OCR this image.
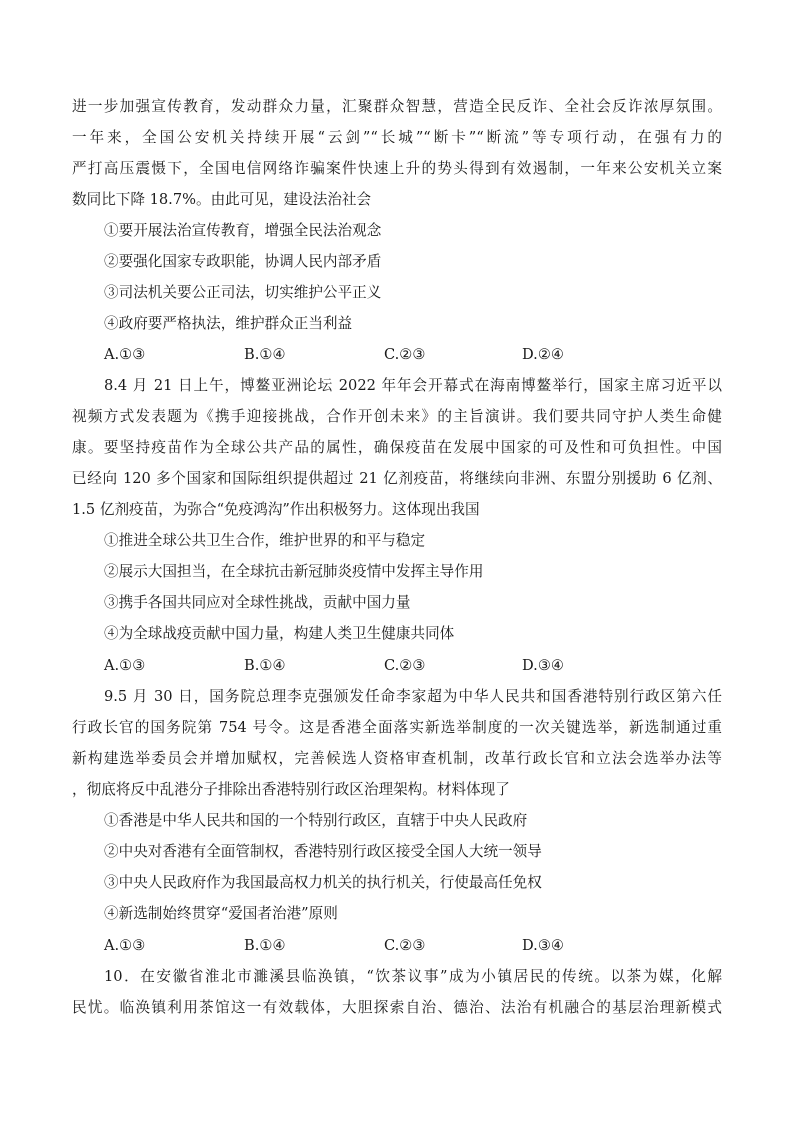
进一步加强宣传教育，发动群众力量，汇聚群众智慧，营造全民反诈、全社会反诈浓厚氛围。
一年来，全国公安机关持续开展“云剑”“长城”“断卡”“断流”等专项行动，在强有力的
严打高压震慑下，全国电信网络诈骗案件快速上升的势头得到有效遏制，一年来公安机关立案
数同比下降 18.7%。由此可见，建设法治社会
①要开展法治宣传教育，增强全民法治观念
②要强化国家专政职能，协调人民内部矛盾
③司法机关要公正司法，切实维护公平正义
④政府要严格执法，维护群众正当利益
A.①③	B.①④	C.②③	D.②④
8.4 月 21 日上午，博鳌亚洲论坛 2022 年年会开幕式在海南博鳌举行，国家主席习近平以
视频方式发表题为《携手迎接挑战，合作开创未来》的主旨演讲。我们要共同守护人类生命健
康。要坚持疫苗作为全球公共产品的属性，确保疫苗在发展中国家的可及性和可负担性。中国
已经向 120 多个国家和国际组织提供超过 21 亿剂疫苗，将继续向非洲、东盟分别援助 6 亿剂、
1.5 亿剂疫苗，为弥合“免疫鸿沟”作出积极努力。这体现出我国
①推进全球公共卫生合作，维护世界的和平与稳定
②展示大国担当，在全球抗击新冠肺炎疫情中发挥主导作用
③携手各国共同应对全球性挑战，贡献中国力量
④为全球战疫贡献中国力量，构建人类卫生健康共同体
A.①③	B.①④	C.②③	D.③④
9.5 月 30 日，国务院总理李克强颁发任命李家超为中华人民共和国香港特别行政区第六任
行政长官的国务院第 754 号令。这是香港全面落实新选举制度的一次关键选举，新选制通过重
新构建选举委员会并增加赋权，完善候选人资格审查机制，改革行政长官和立法会选举办法等
，彻底将反中乱港分子排除出香港特别行政区治理架构。材料体现了
①香港是中华人民共和国的一个特别行政区，直辖于中央人民政府
②中央对香港有全面管制权，香港特别行政区接受全国人大统一领导
③中央人民政府作为我国最高权力机关的执行机关，行使最高任免权
④新选制始终贯穿“爱国者治港”原则
A.①③	B.①④	C.②③	D.③④
10．在安徽省淮北市濉溪县临涣镇，“饮茶议事”成为小镇居民的传统。以茶为媒，化解
民忧。临涣镇利用茶馆这一有效载体，大胆探索自治、德治、法治有机融合的基层治理新模式
